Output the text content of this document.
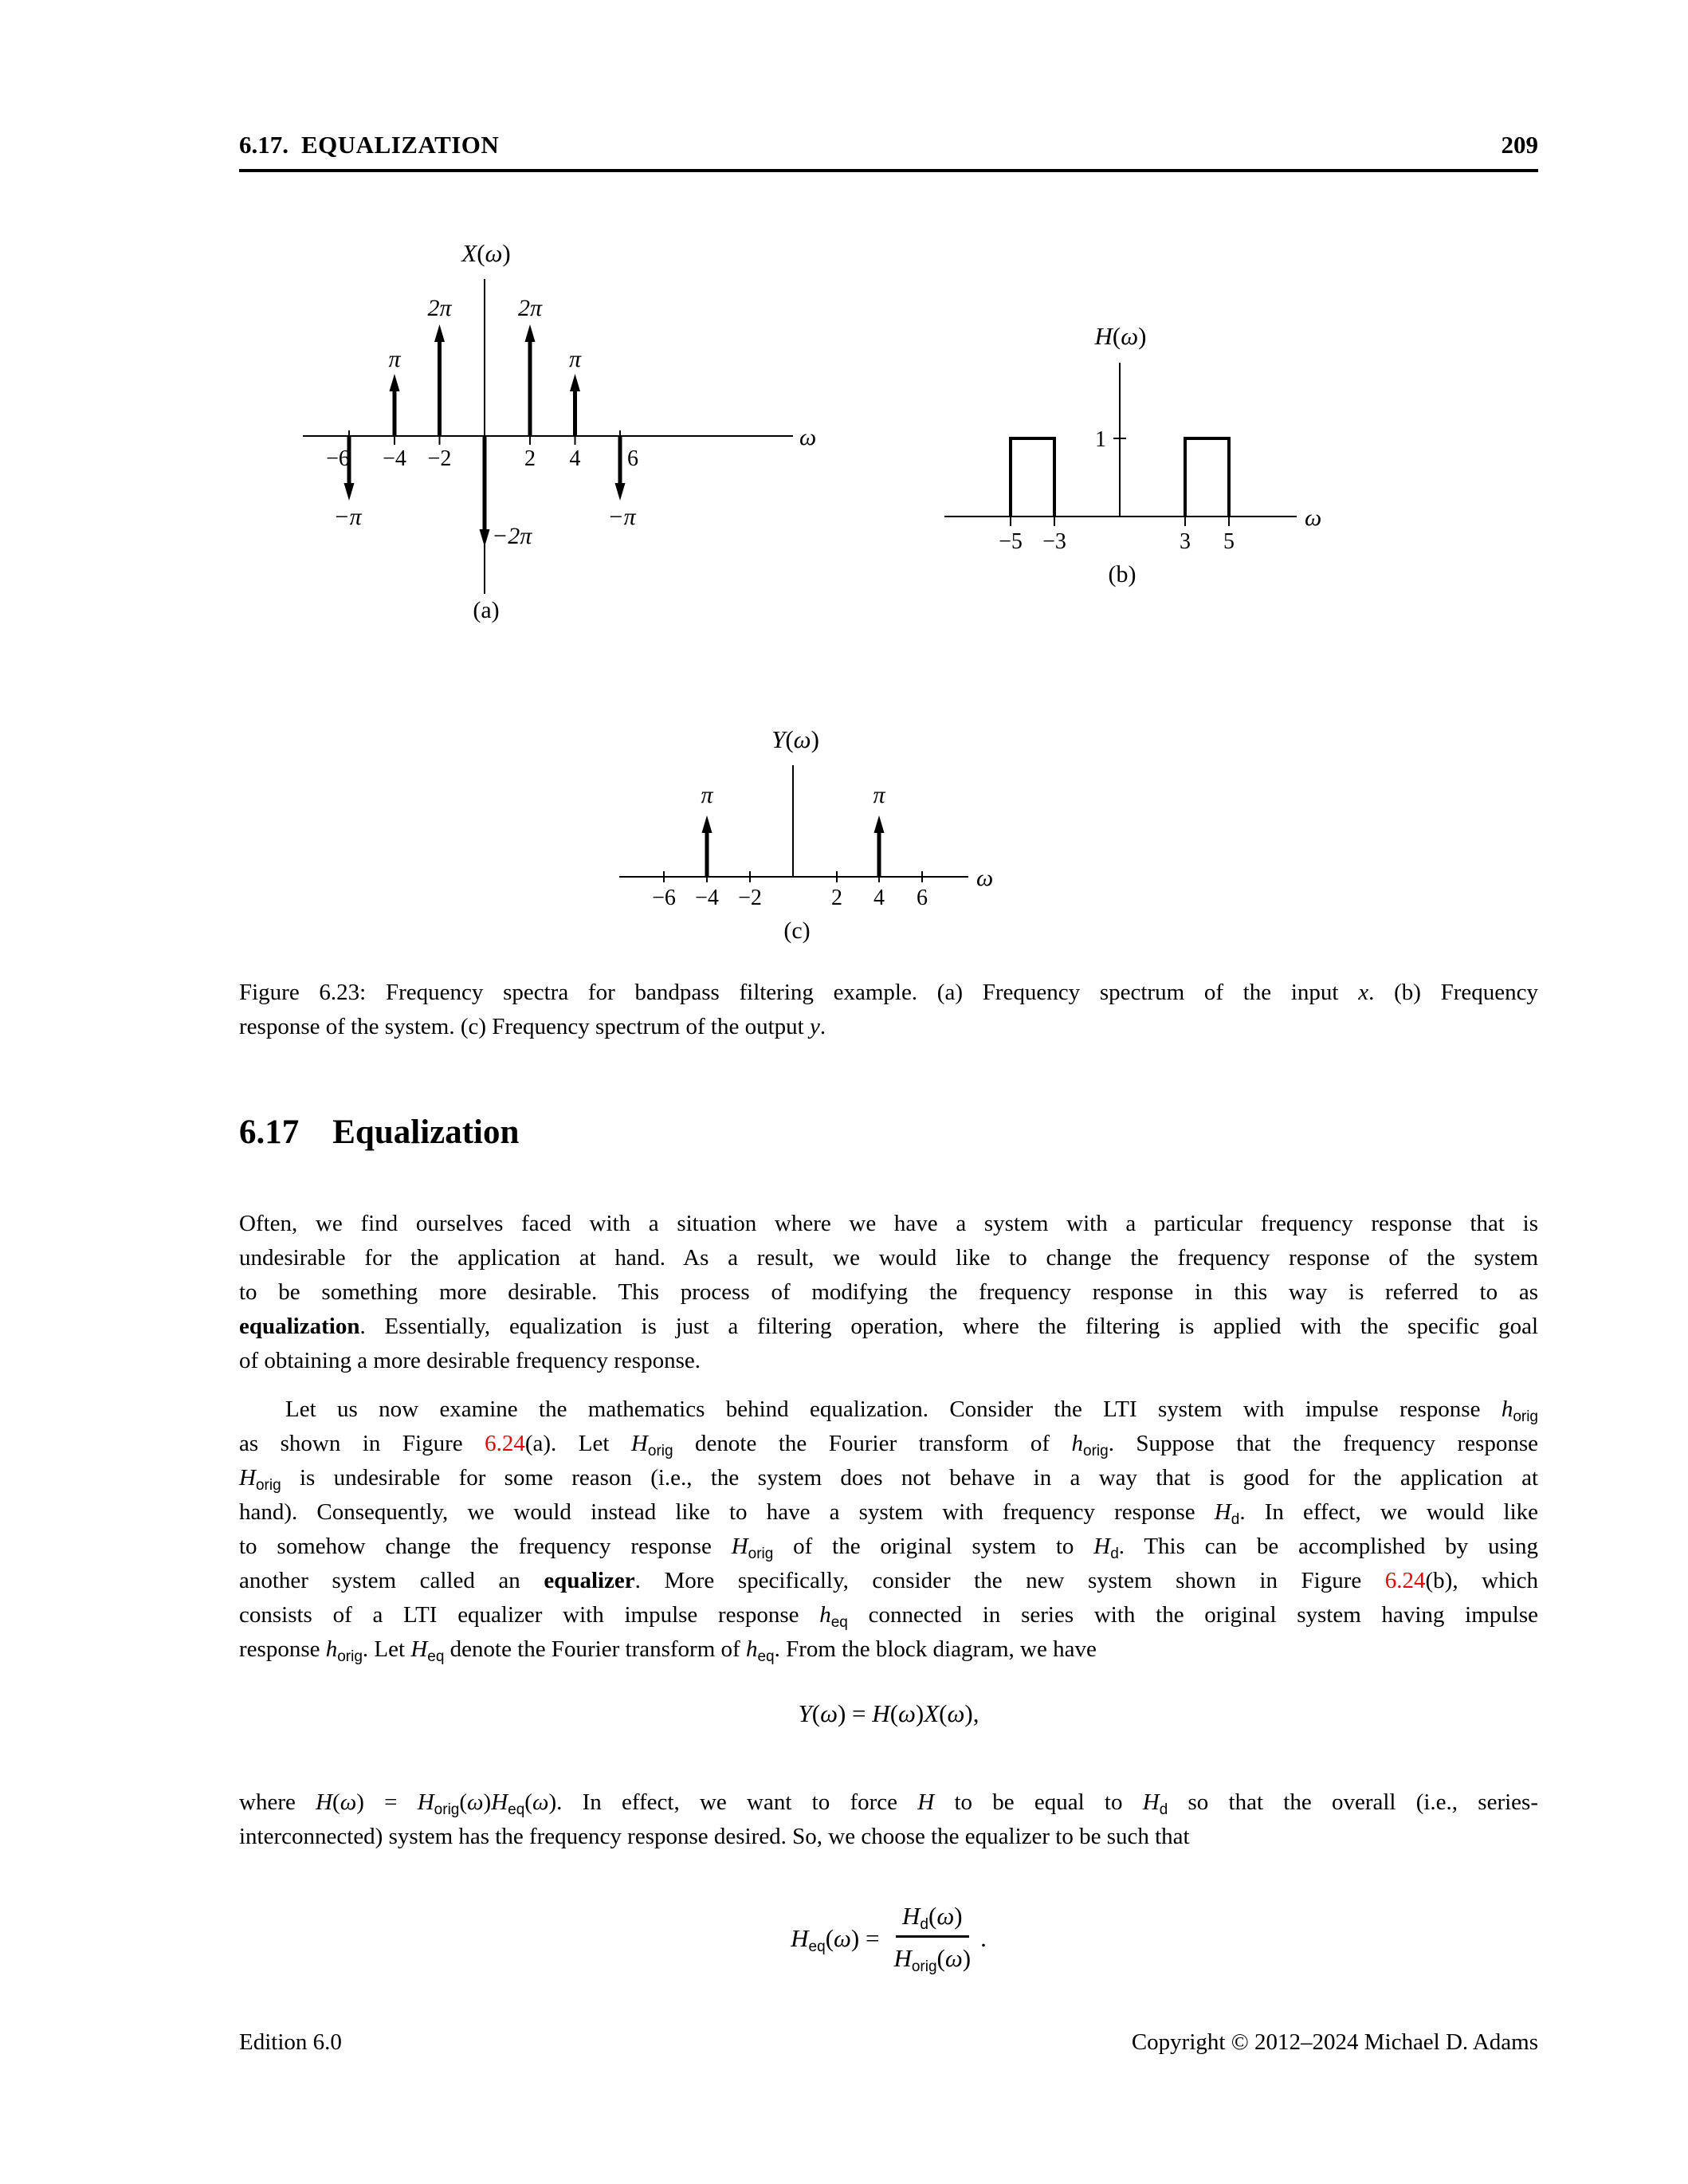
6.17. EQUALIZATION	209
X(ω)
ω
−6 −4 −2	2 4 6
−π
π
2π
−2π
2π
π
−π
(a)
H(ω)
ω
1
−5 −3	3 5
(b)
Y(ω)
ω
−6 −4 −2	2 4 6
π	π
(c)
Figure 6.23: Frequency spectra for bandpass filtering example. (a) Frequency spectrum of the input x. (b) Frequency
response of the system. (c) Frequency spectrum of the output y.
6.17 Equalization
Often, we find ourselves faced with a situation where we have a system with a particular frequency response that is
undesirable for the application at hand. As a result, we would like to change the frequency response of the system
to be something more desirable. This process of modifying the frequency response in this way is referred to as
equalization. Essentially, equalization is just a filtering operation, where the filtering is applied with the specific goal
of obtaining a more desirable frequency response.
Let us now examine the mathematics behind equalization. Consider the LTI system with impulse response $h_{orig}$
as shown in Figure 6.24(a). Let $H_{orig}$ denote the Fourier transform of $h_{orig}$. Suppose that the frequency response
$H_{orig}$ is undesirable for some reason (i.e., the system does not behave in a way that is good for the application at
hand). Consequently, we would instead like to have a system with frequency response $H_d$. In effect, we would like
to somehow change the frequency response $H_{orig}$ of the original system to $H_d$. This can be accomplished by using
another system called an equalizer. More specifically, consider the new system shown in Figure 6.24(b), which
consists of a LTI equalizer with impulse response $h_{eq}$ connected in series with the original system having impulse
response $h_{orig}$. Let $H_{eq}$ denote the Fourier transform of $h_{eq}$. From the block diagram, we have
Y(ω) = H(ω)X(ω),
where $H(\omega) = H_{orig}(\omega)H_{eq}(\omega)$. In effect, we want to force H to be equal to $H_d$ so that the overall (i.e., series-
interconnected) system has the frequency response desired. So, we choose the equalizer to be such that
$H_{eq}(\omega) = \frac{H_d(\omega)}{H_{orig}(\omega)}$ .
Edition 6.0	Copyright © 2012–2024 Michael D. Adams
